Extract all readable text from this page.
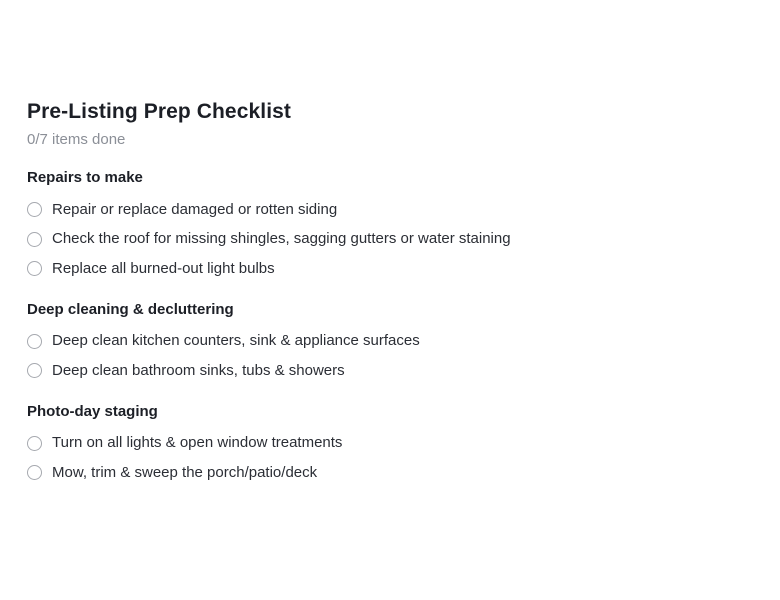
Pre-Listing Prep Checklist
0/7 items done
Repairs to make
Repair or replace damaged or rotten siding
Check the roof for missing shingles, sagging gutters or water staining
Replace all burned-out light bulbs
Deep cleaning & decluttering
Deep clean kitchen counters, sink & appliance surfaces
Deep clean bathroom sinks, tubs & showers
Photo-day staging
Turn on all lights & open window treatments
Mow, trim & sweep the porch/patio/deck
